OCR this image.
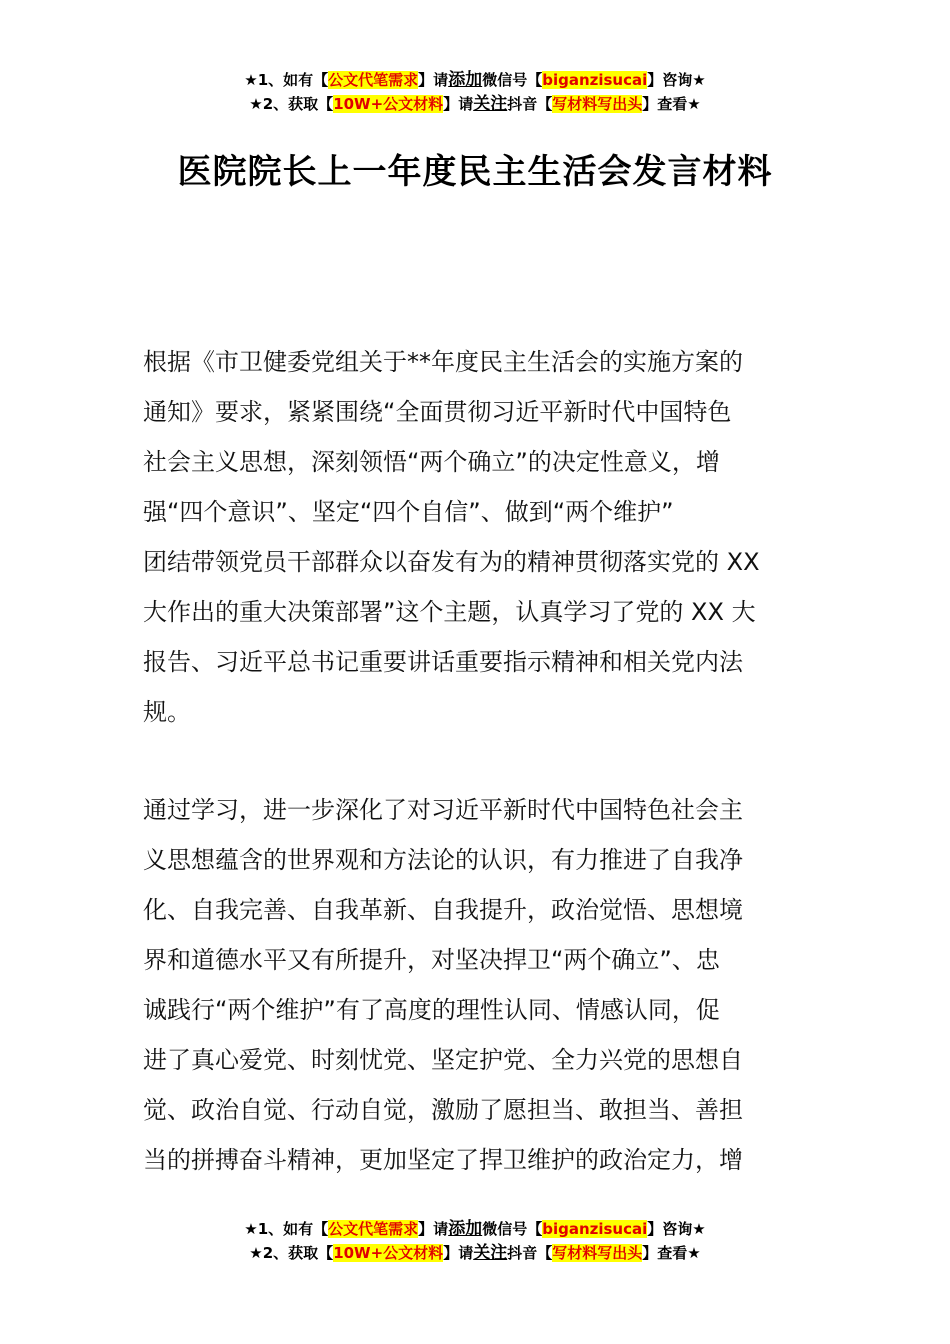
★1、如有【公文代笔需求】请添加微信号【biganzisucai】咨询★
★2、获取【10W+公文材料】请关注抖音【写材料写出头】查看★
医院院长上一年度民主生活会发言材料
根据《市卫健委党组关于**年度民主生活会的实施方案的
通知》要求，紧紧围绕“全面贯彻习近平新时代中国特色
社会主义思想，深刻领悟“两个确立”的决定性意义，增
强“四个意识”、坚定“四个自信”、做到“两个维护”
团结带领党员干部群众以奋发有为的精神贯彻落实党的 XX
大作出的重大决策部署”这个主题，认真学习了党的 XX 大
报告、习近平总书记重要讲话重要指示精神和相关党内法
规。
通过学习，进一步深化了对习近平新时代中国特色社会主
义思想蕴含的世界观和方法论的认识，有力推进了自我净
化、自我完善、自我革新、自我提升，政治觉悟、思想境
界和道德水平又有所提升，对坚决捍卫“两个确立”、忠
诚践行“两个维护”有了高度的理性认同、情感认同，促
进了真心爱党、时刻忧党、坚定护党、全力兴党的思想自
觉、政治自觉、行动自觉，激励了愿担当、敢担当、善担
当的拼搏奋斗精神，更加坚定了捍卫维护的政治定力，增
★1、如有【公文代笔需求】请添加微信号【biganzisucai】咨询★
★2、获取【10W+公文材料】请关注抖音【写材料写出头】查看★
